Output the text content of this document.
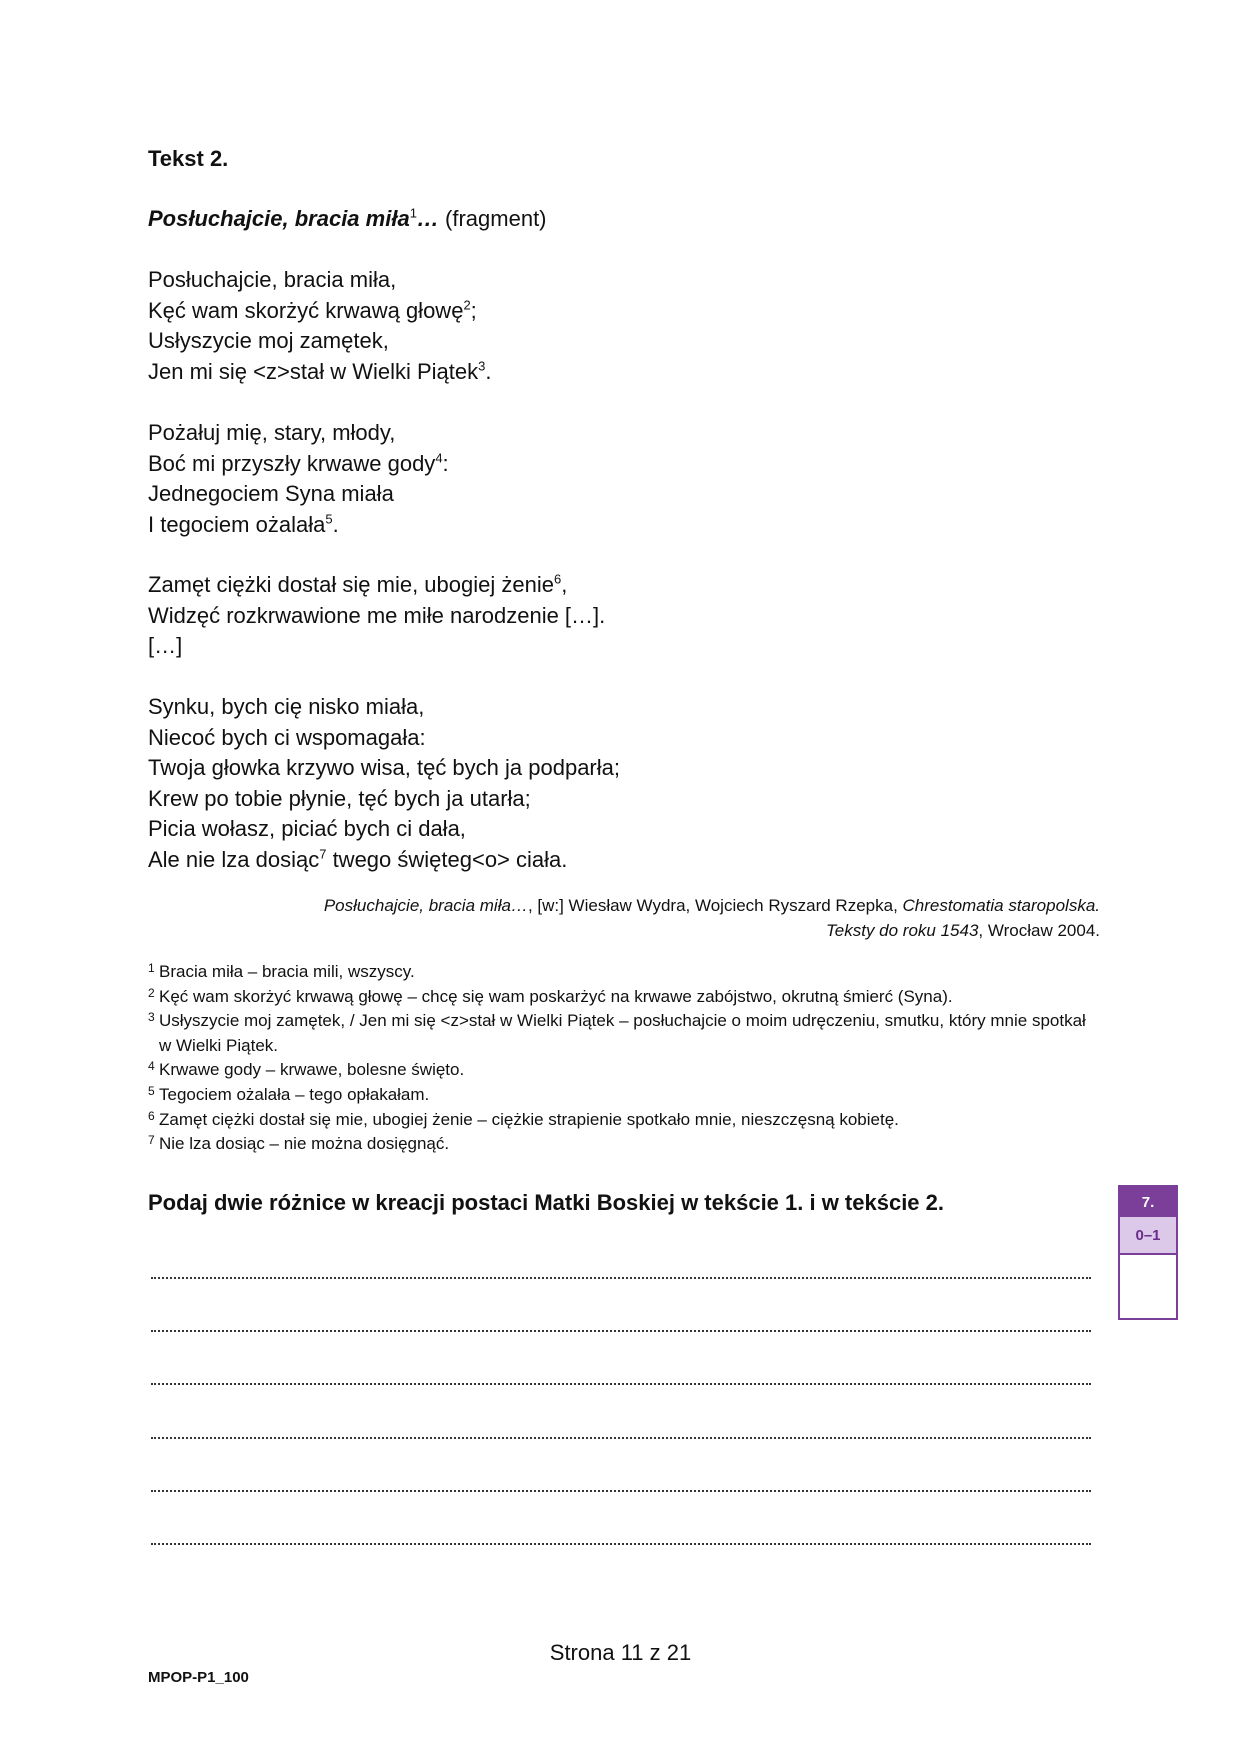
Tekst 2.
Posłuchajcie, bracia miła$^1$… (fragment)
Posłuchajcie, bracia miła,
Kęć wam skorżyć krwawą głowę$^2$;
Usłyszycie moj zamętek,
Jen mi się <z>stał w Wielki Piątek$^3$.
Pożałuj mię, stary, młody,
Boć mi przyszły krwawe gody$^4$:
Jednegociem Syna miała
I tegociem ożalała$^5$.
Zamęt ciężki dostał się mie, ubogiej żenie$^6$,
Widzęć rozkrwawione me miłe narodzenie […].
[…]
Synku, bych cię nisko miała,
Niecoć bych ci wspomagała:
Twoja głowka krzywo wisa, tęć bych ja podparła;
Krew po tobie płynie, tęć bych ja utarła;
Picia wołasz, piciać bych ci dała,
Ale nie lza dosiąc$^7$ twego święteg<o> ciała.
Posłuchajcie, bracia miła…, [w:] Wiesław Wydra, Wojciech Ryszard Rzepka, Chrestomatia staropolska.
Teksty do roku 1543, Wrocław 2004.
1 Bracia miła – bracia mili, wszyscy.
2 Kęć wam skorżyć krwawą głowę – chcę się wam poskarżyć na krwawe zabójstwo, okrutną śmierć (Syna).
3 Usłyszycie moj zamętek, / Jen mi się <z>stał w Wielki Piątek – posłuchajcie o moim udręczeniu, smutku, który mnie spotkał w Wielki Piątek.
4 Krwawe gody – krwawe, bolesne święto.
5 Tegociem ożalała – tego opłakałam.
6 Zamęt ciężki dostał się mie, ubogiej żenie – ciężkie strapienie spotkało mnie, nieszczęsną kobietę.
7 Nie lza dosiąc – nie można dosięgnąć.
Podaj dwie różnice w kreacji postaci Matki Boskiej w tekście 1. i w tekście 2.	7.
0–1
Strona 11 z 21
MPOP-P1_100
